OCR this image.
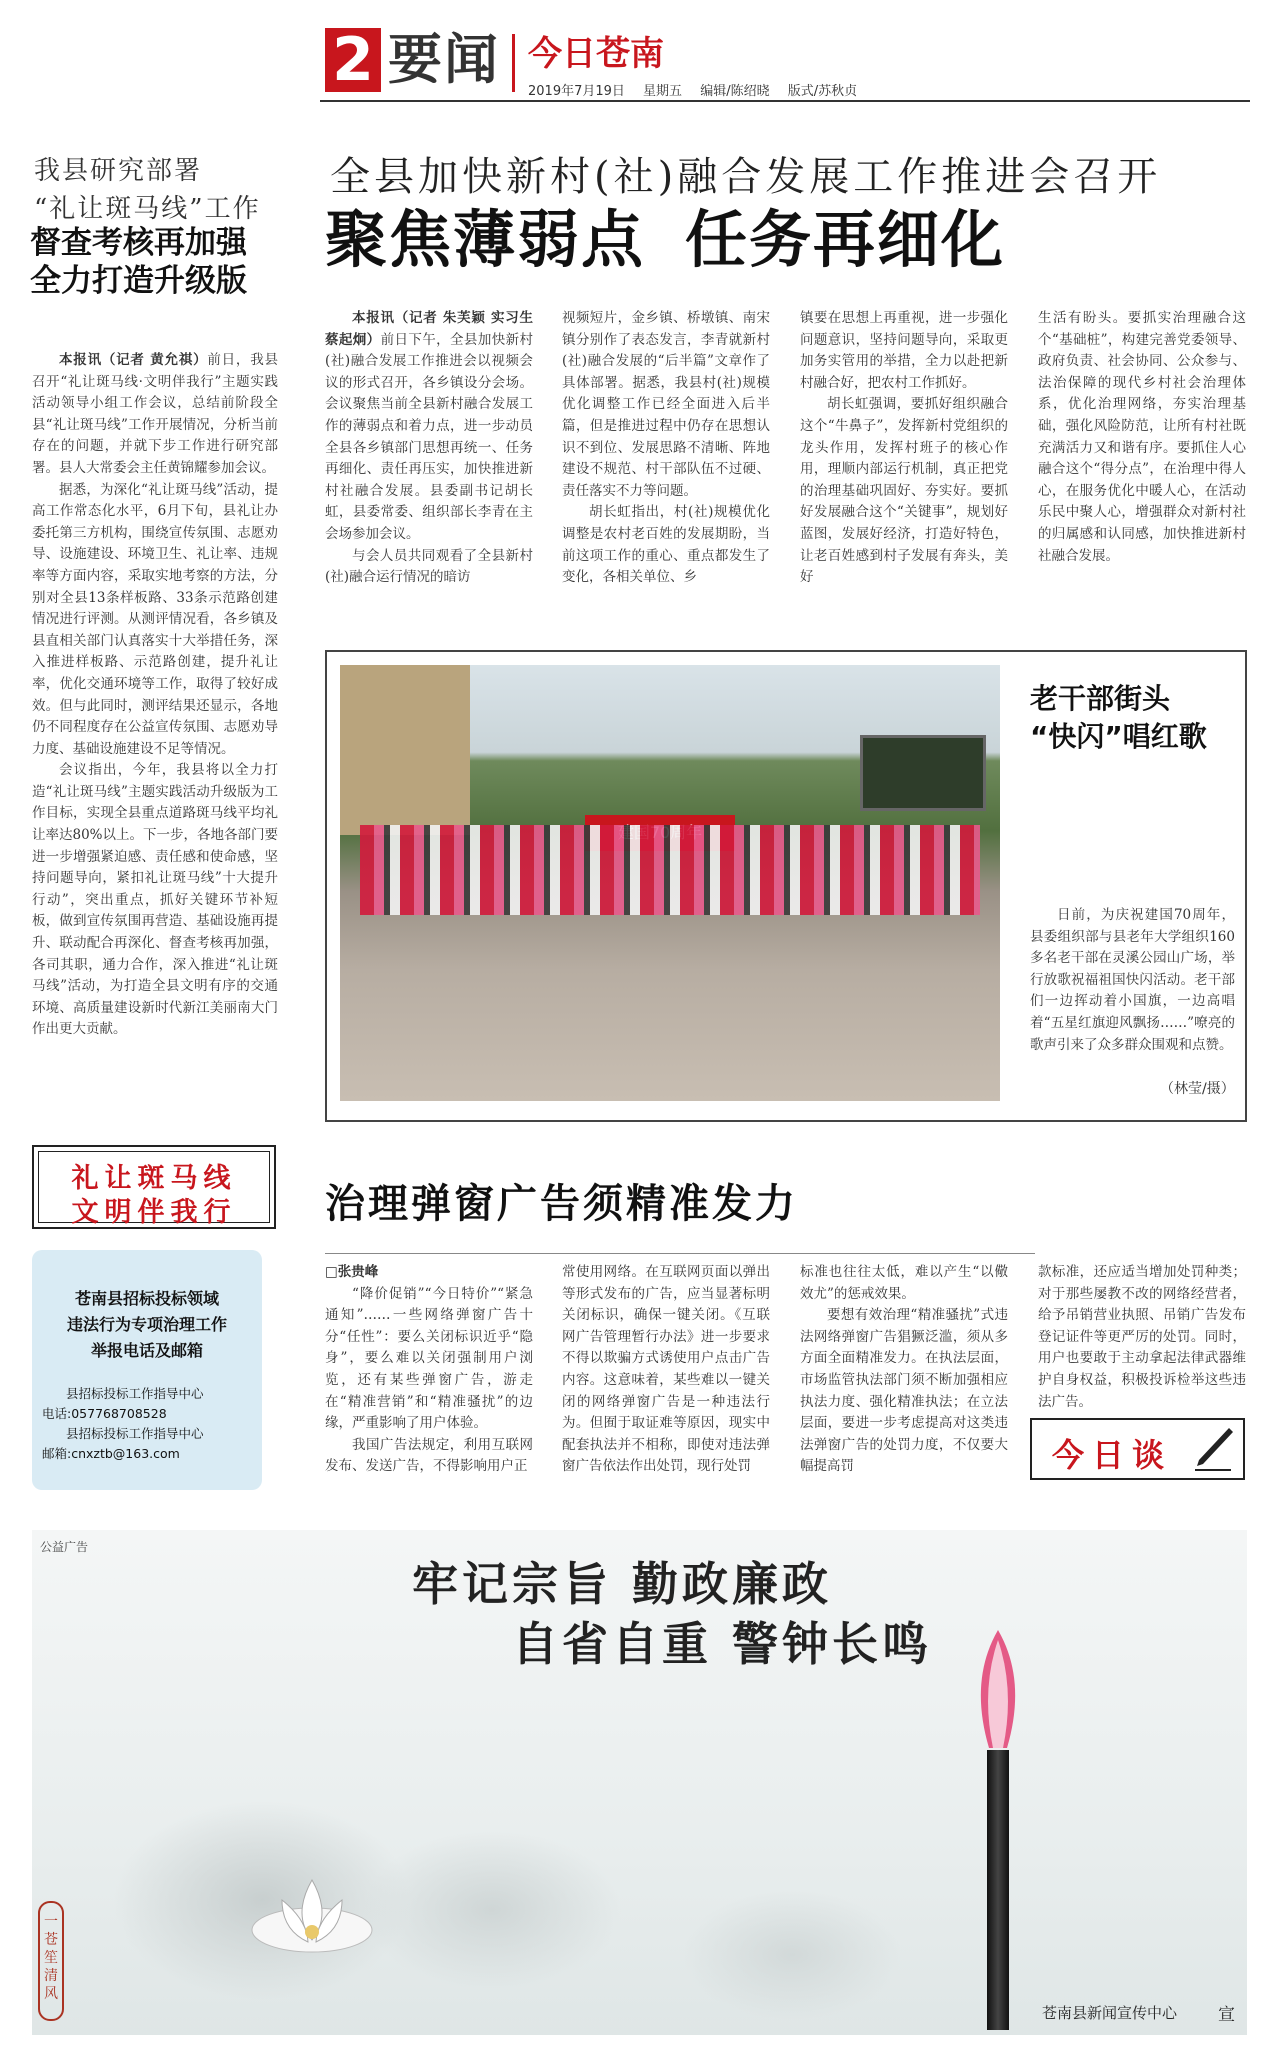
2 要闻 今日苍南
2019年7月19日 星期五 编辑/陈绍晓 版式/苏秋贞
我县研究部署
“礼让斑马线”工作
督查考核再加强
全力打造升级版

本报讯（记者 黄允祺）前日，我县召开“礼让斑马线·文明伴我行”主题实践活动领导小组工作会议，总结前阶段全县“礼让斑马线”工作开展情况，分析当前存在的问题，并就下步工作进行研究部署。县人大常委会主任黄锦耀参加会议。

据悉，为深化“礼让斑马线”活动，提高工作常态化水平，6月下旬，县礼让办委托第三方机构，围绕宣传氛围、志愿劝导、设施建设、环境卫生、礼让率、违规率等方面内容，采取实地考察的方法，分别对全县13条样板路、33条示范路创建情况进行评测。从测评情况看，各乡镇及县直相关部门认真落实十大举措任务，深入推进样板路、示范路创建，提升礼让率，优化交通环境等工作，取得了较好成效。但与此同时，测评结果还显示，各地仍不同程度存在公益宣传氛围、志愿劝导力度、基础设施建设不足等情况。

会议指出，今年，我县将以全力打造“礼让斑马线”主题实践活动升级版为工作目标，实现全县重点道路斑马线平均礼让率达80%以上。下一步，各地各部门要进一步增强紧迫感、责任感和使命感，坚持问题导向，紧扣礼让斑马线”十大提升行动”，突出重点，抓好关键环节补短板，做到宣传氛围再营造、基础设施再提升、联动配合再深化、督查考核再加强，各司其职，通力合作，深入推进“礼让斑马线”活动，为打造全县文明有序的交通环境、高质量建设新时代新江美丽南大门作出更大贡献。

全县加快新村(社)融合发展工作推进会召开
聚焦薄弱点 任务再细化

本报讯（记者 朱芙颖 实习生 蔡起炯）前日下午，全县加快新村(社)融合发展工作推进会以视频会议的形式召开，各乡镇设分会场。会议聚焦当前全县新村融合发展工作的薄弱点和着力点，进一步动员全县各乡镇部门思想再统一、任务再细化、责任再压实，加快推进新村社融合发展。县委副书记胡长虹，县委常委、组织部长李青在主会场参加会议。

与会人员共同观看了全县新村(社)融合运行情况的暗访

视频短片，金乡镇、桥墩镇、南宋镇分别作了表态发言，李青就新村(社)融合发展的“后半篇”文章作了具体部署。据悉，我县村(社)规模优化调整工作已经全面进入后半篇，但是推进过程中仍存在思想认识不到位、发展思路不清晰、阵地建设不规范、村干部队伍不过硬、责任落实不力等问题。

胡长虹指出，村(社)规模优化调整是农村老百姓的发展期盼，当前这项工作的重心、重点都发生了变化，各相关单位、乡

镇要在思想上再重视，进一步强化问题意识，坚持问题导向，采取更加务实管用的举措，全力以赴把新村融合好，把农村工作抓好。

胡长虹强调，要抓好组织融合这个“牛鼻子”，发挥新村党组织的龙头作用，发挥村班子的核心作用，理顺内部运行机制，真正把党的治理基础巩固好、夯实好。要抓好发展融合这个“关键事”，规划好蓝图，发展好经济，打造好特色，让老百姓感到村子发展有奔头，美好

生活有盼头。要抓实治理融合这个“基础桩”，构建完善党委领导、政府负责、社会协同、公众参与、法治保障的现代乡村社会治理体系，优化治理网络，夯实治理基础，强化风险防范，让所有村社既充满活力又和谐有序。要抓住人心融合这个“得分点”，在治理中得人心，在服务优化中暖人心，在活动乐民中聚人心，增强群众对新村社的归属感和认同感，加快推进新村社融合发展。

老干部街头
“快闪”唱红歌

日前，为庆祝建国70周年，县委组织部与县老年大学组织160多名老干部在灵溪公园山广场，举行放歌祝福祖国快闪活动。老干部们一边挥动着小国旗，一边高唱着“五星红旗迎风飘扬……”嘹亮的歌声引来了众多群众围观和点赞。

（林莹/摄）
礼让斑马线
文明伴我行
苍南县招标投标领域
违法行为专项治理工作
举报电话及邮箱
县招标投标工作指导中心
电话:057768708528
县招标投标工作指导中心
邮箱:cnxztb@163.com
治理弹窗广告须精准发力

□张贵峰

“降价促销”“今日特价”“紧急通知”……一些网络弹窗广告十分“任性”：要么关闭标识近乎“隐身”，要么难以关闭强制用户浏览，还有某些弹窗广告，游走在“精准营销”和“精准骚扰”的边缘，严重影响了用户体验。

我国广告法规定，利用互联网发布、发送广告，不得影响用户正

常使用网络。在互联网页面以弹出等形式发布的广告，应当显著标明关闭标识，确保一键关闭。《互联网广告管理暂行办法》进一步要求不得以欺骗方式诱使用户点击广告内容。这意味着，某些难以一键关闭的网络弹窗广告是一种违法行为。但囿于取证难等原因，现实中配套执法并不相称，即使对违法弹窗广告依法作出处罚，现行处罚

标准也往往太低，难以产生“以儆效尤”的惩戒效果。

要想有效治理“精准骚扰”式违法网络弹窗广告猖獗泛滥，须从多方面全面精准发力。在执法层面，市场监管执法部门须不断加强相应执法力度、强化精准执法；在立法层面，要进一步考虑提高对这类违法弹窗广告的处罚力度，不仅要大幅提高罚

款标准，还应适当增加处罚种类；对于那些屡教不改的网络经营者，给予吊销营业执照、吊销广告发布登记证件等更严厉的处罚。同时，用户也要敢于主动拿起法律武器维护自身权益，积极投诉检举这些违法广告。

今日谈
公益广告
牢记宗旨 勤政廉政
自省自重 警钟长鸣
一苍笙清风
苍南县新闻宣传中心 宣
